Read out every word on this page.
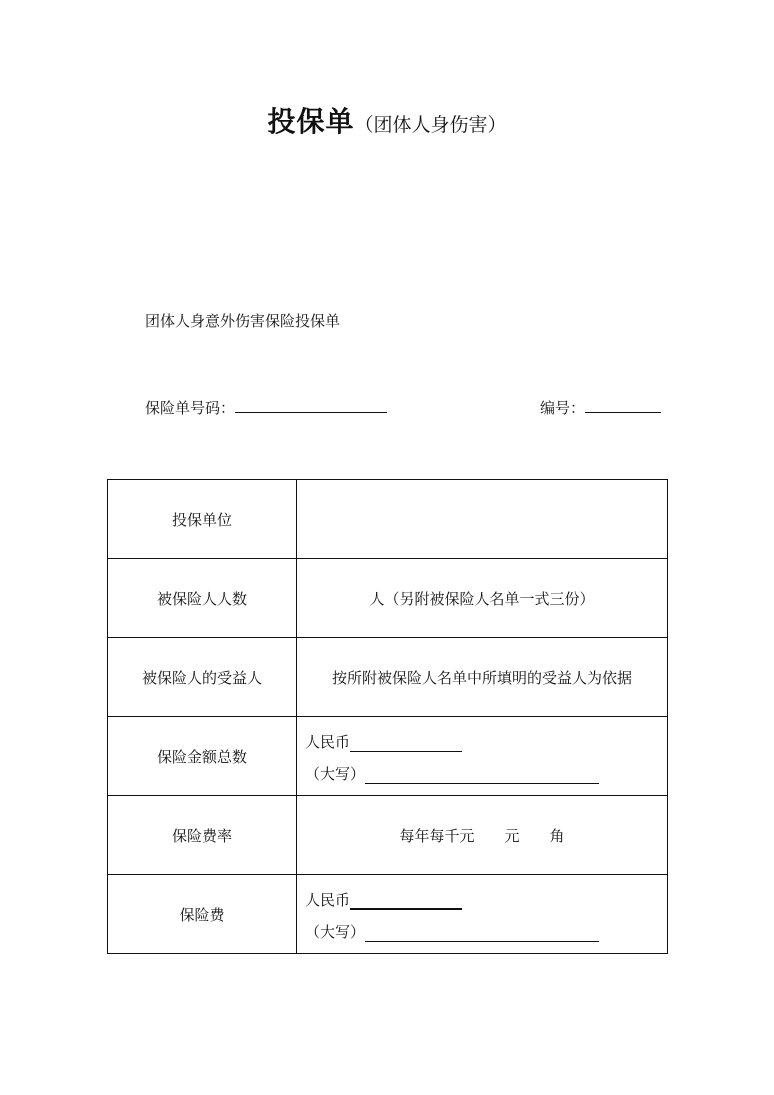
投保单（团体人身伤害）
团体人身意外伤害保险投保单
保险单号码：	编号：
投保单位	
被保险人人数	人（另附被保险人名单一式三份）
被保险人的受益人	按所附被保险人名单中所填明的受益人为依据
保险金额总数	人民币
（大写）

保险费率	每年每千元 元 角
保险费	人民币
（大写）
